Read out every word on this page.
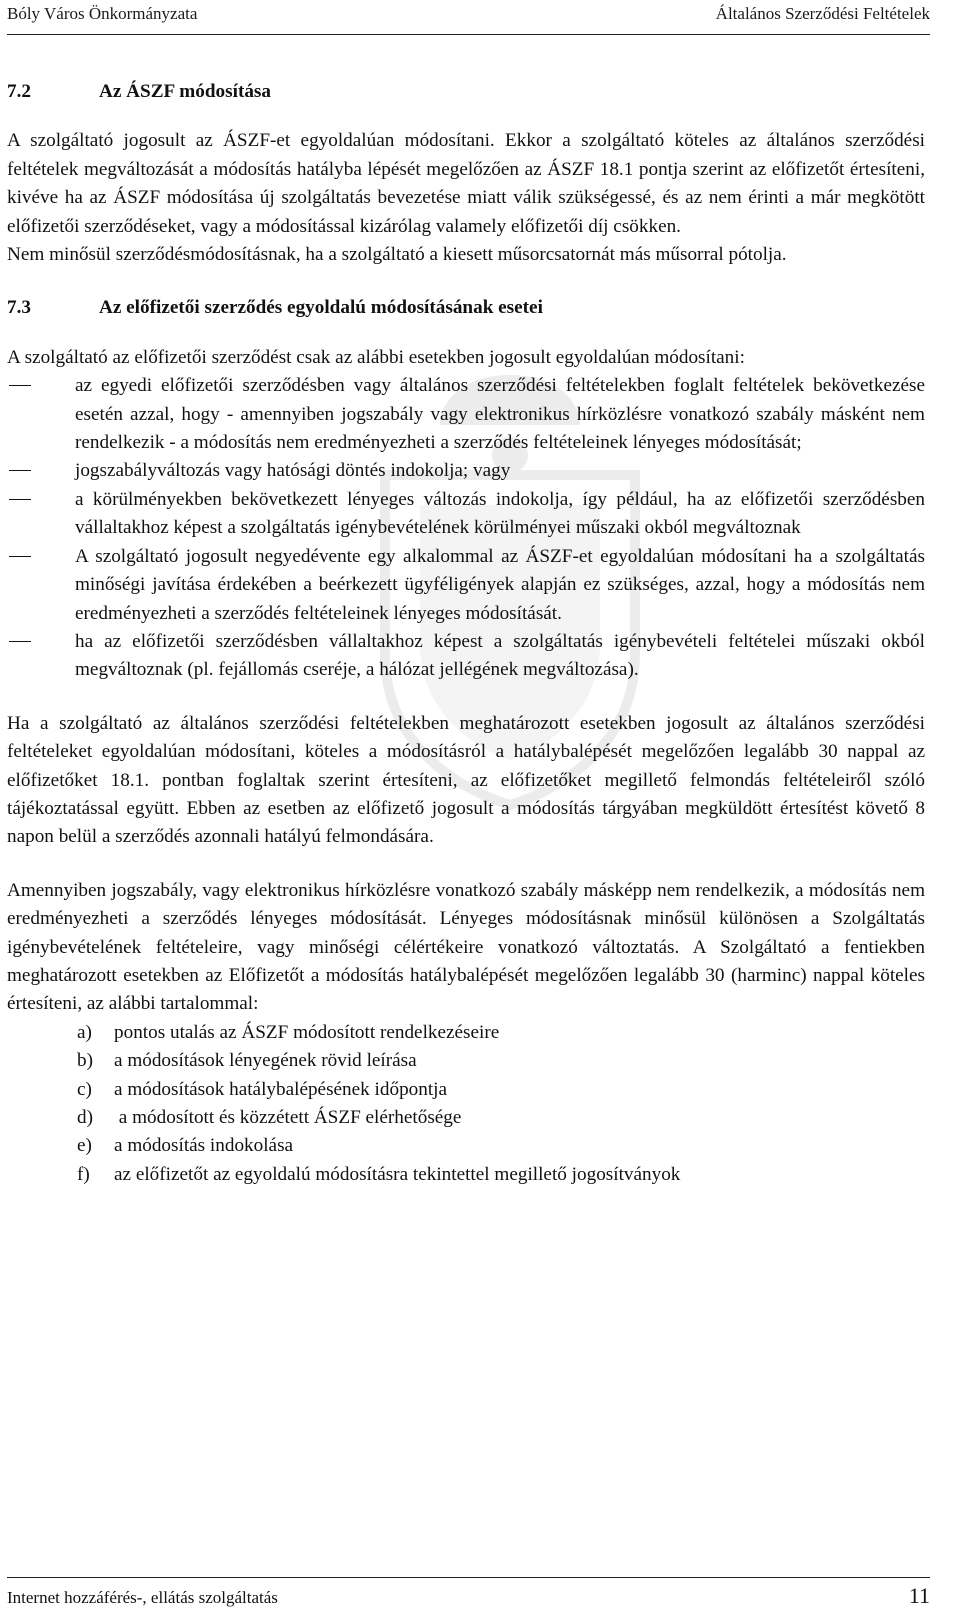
Bóly Város Önkormányzata	Általános Szerződési Feltételek
7.2	Az ÁSZF módosítása

A szolgáltató jogosult az ÁSZF-et egyoldalúan módosítani. Ekkor a szolgáltató köteles az általános szerződési feltételek megváltozását a módosítás hatályba lépését megelőzően az ÁSZF 18.1 pontja szerint az előfizetőt értesíteni, kivéve ha az ÁSZF módosítása új szolgáltatás bevezetése miatt válik szükségessé, és az nem érinti a már megkötött előfizetői szerződéseket, vagy a módosítással kizárólag valamely előfizetői díj csökken.

Nem minősül szerződésmódosításnak, ha a szolgáltató a kiesett műsorcsatornát más műsorral pótolja.

7.3	Az előfizetői szerződés egyoldalú módosításának esetei

A szolgáltató az előfizetői szerződést csak az alábbi esetekben jogosult egyoldalúan módosítani:

az egyedi előfizetői szerződésben vagy általános szerződési feltételekben foglalt feltételek bekövetkezése esetén azzal, hogy - amennyiben jogszabály vagy elektronikus hírközlésre vonatkozó szabály másként nem rendelkezik - a módosítás nem eredményezheti a szerződés feltételeinek lényeges módosítását;
jogszabályváltozás vagy hatósági döntés indokolja; vagy
a körülményekben bekövetkezett lényeges változás indokolja, így például, ha az előfizetői szerződésben vállaltakhoz képest a szolgáltatás igénybevételének körülményei műszaki okból megváltoznak
A szolgáltató jogosult negyedévente egy alkalommal az ÁSZF-et egyoldalúan módosítani ha a szolgáltatás minőségi javítása érdekében a beérkezett ügyféligények alapján ez szükséges, azzal, hogy a módosítás nem eredményezheti a szerződés feltételeinek lényeges módosítását.
ha az előfizetői szerződésben vállaltakhoz képest a szolgáltatás igénybevételi feltételei műszaki okból megváltoznak (pl. fejállomás cseréje, a hálózat jellégének megváltozása).

Ha a szolgáltató az általános szerződési feltételekben meghatározott esetekben jogosult az általános szerződési feltételeket egyoldalúan módosítani, köteles a módosításról a hatálybalépését megelőzően legalább 30 nappal az előfizetőket 18.1. pontban foglaltak szerint értesíteni, az előfizetőket megillető felmondás feltételeiről szóló tájékoztatással együtt. Ebben az esetben az előfizető jogosult a módosítás tárgyában megküldött értesítést követő 8 napon belül a szerződés azonnali hatályú felmondására.

Amennyiben jogszabály, vagy elektronikus hírközlésre vonatkozó szabály másképp nem rendelkezik, a módosítás nem eredményezheti a szerződés lényeges módosítását. Lényeges módosításnak minősül különösen a Szolgáltatás igénybevételének feltételeire, vagy minőségi célértékeire vonatkozó változtatás. A Szolgáltató a fentiekben meghatározott esetekben az Előfizetőt a módosítás hatálybalépését megelőzően legalább 30 (harminc) nappal köteles értesíteni, az alábbi tartalommal:

a)	pontos utalás az ÁSZF módosított rendelkezéseire
b)	a módosítások lényegének rövid leírása
c)	a módosítások hatálybalépésének időpontja
d)	a módosított és közzétett ÁSZF elérhetősége
e)	a módosítás indokolása
f)	az előfizetőt az egyoldalú módosításra tekintettel megillető jogosítványok
Internet hozzáférés-, ellátás szolgáltatás	11
